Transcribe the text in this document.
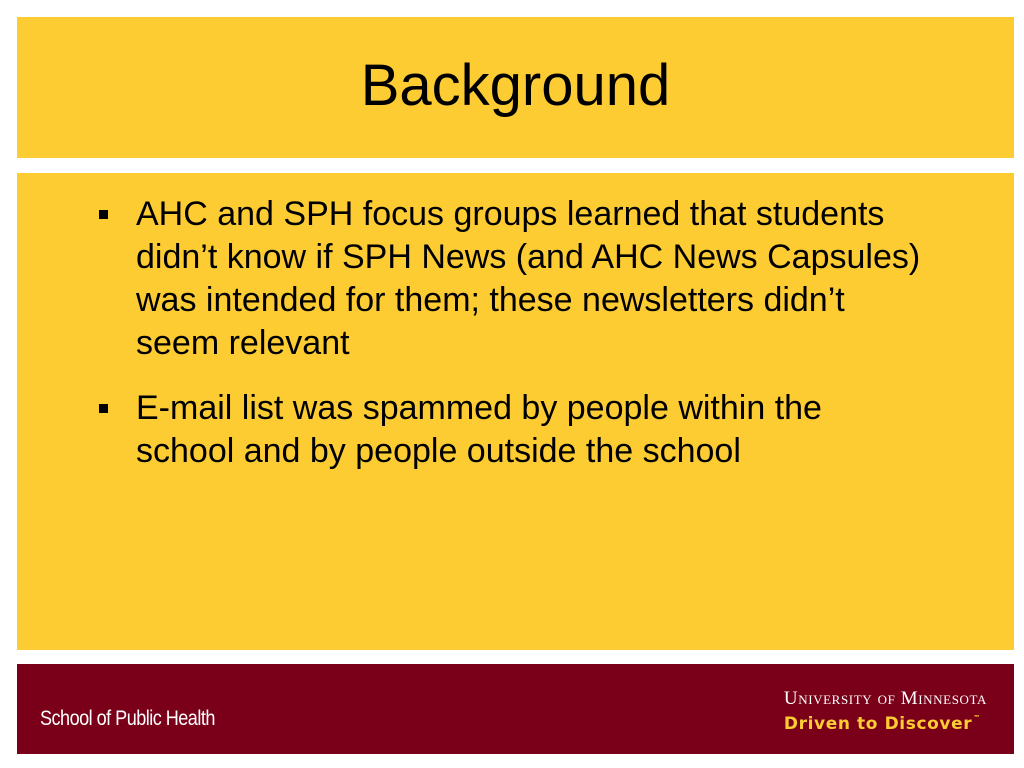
Background
AHC and SPH focus groups learned that students didn’t know if SPH News (and AHC News Capsules) was intended for them; these newsletters didn’t seem relevant
E-mail list was spammed by people within the school and by people outside the school
School of Public Health
University of Minnesota
Driven to Discover™
